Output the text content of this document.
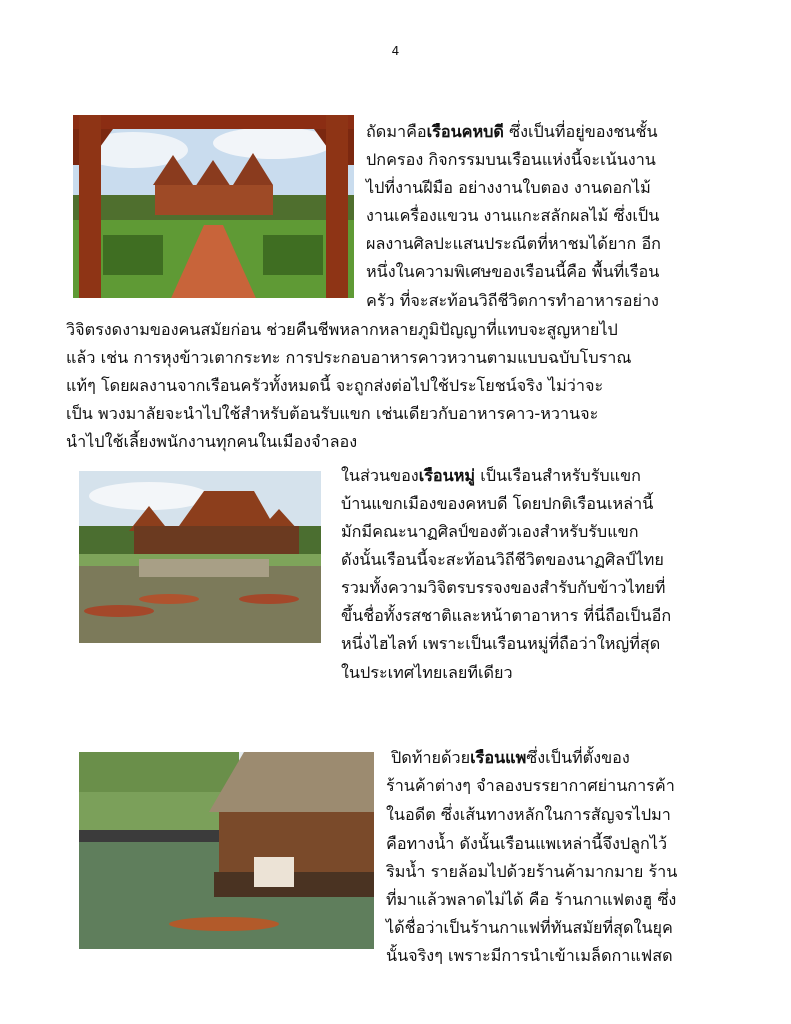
4
ถัดมาคือเรือนคหบดี ซึ่งเป็นที่อยู่ของชนชั้น
ปกครอง กิจกรรมบนเรือนแห่งนี้จะเน้นงาน
ไปที่งานฝีมือ อย่างงานใบตอง งานดอกไม้
งานเครื่องแขวน งานแกะสลักผลไม้ ซึ่งเป็น
ผลงานศิลปะแสนประณีตที่หาชมได้ยาก อีก
หนึ่งในความพิเศษของเรือนนี้คือ พื้นที่เรือน
ครัว ที่จะสะท้อนวิถีชีวิตการทำอาหารอย่าง
วิจิตรงดงามของคนสมัยก่อน ช่วยคืนชีพหลากหลายภูมิปัญญาที่แทบจะสูญหายไป
แล้ว เช่น การหุงข้าวเตากระทะ การประกอบอาหารคาวหวานตามแบบฉบับโบราณ
แท้ๆ โดยผลงานจากเรือนครัวทั้งหมดนี้ จะถูกส่งต่อไปใช้ประโยชน์จริง ไม่ว่าจะ
เป็น พวงมาลัยจะนำไปใช้สำหรับต้อนรับแขก เช่นเดียวกับอาหารคาว-หวานจะ
นำไปใช้เลี้ยงพนักงานทุกคนในเมืองจำลอง
ในส่วนของเรือนหมู่ เป็นเรือนสำหรับรับแขก
บ้านแขกเมืองของคหบดี โดยปกติเรือนเหล่านี้
มักมีคณะนาฏศิลป์ของตัวเองสำหรับรับแขก
ดังนั้นเรือนนี้จะสะท้อนวิถีชีวิตของนาฏศิลป์ไทย
รวมทั้งความวิจิตรบรรจงของสำรับกับข้าวไทยที่
ขึ้นชื่อทั้งรสชาติและหน้าตาอาหาร ที่นี่ถือเป็นอีก
หนึ่งไฮไลท์ เพราะเป็นเรือนหมู่ที่ถือว่าใหญ่ที่สุด
ในประเทศไทยเลยทีเดียว
ปิดท้ายด้วยเรือนแพซึ่งเป็นที่ตั้งของ
ร้านค้าต่างๆ จำลองบรรยากาศย่านการค้า
ในอดีต ซึ่งเส้นทางหลักในการสัญจรไปมา
คือทางน้ำ ดังนั้นเรือนแพเหล่านี้จึงปลูกไว้
ริมน้ำ รายล้อมไปด้วยร้านค้ามากมาย ร้าน
ที่มาแล้วพลาดไม่ได้ คือ ร้านกาแฟตงฮู ซึ่ง
ได้ชื่อว่าเป็นร้านกาแฟที่ทันสมัยที่สุดในยุค
นั้นจริงๆ เพราะมีการนำเข้าเมล็ดกาแฟสด
